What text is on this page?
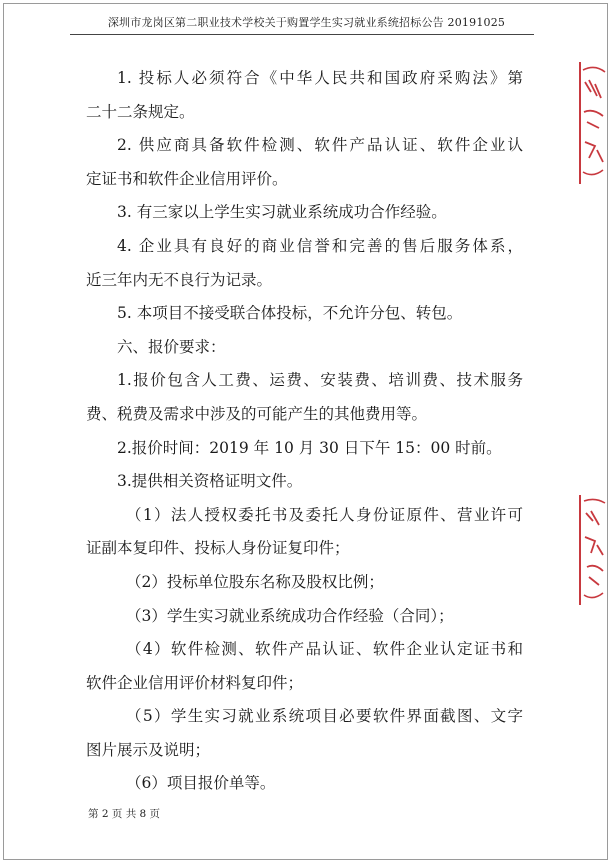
深圳市龙岗区第二职业技术学校关于购置学生实习就业系统招标公告 20191025
1. 投标人必须符合《中华人民共和国政府采购法》第
二十二条规定。
2. 供应商具备软件检测、软件产品认证、软件企业认
定证书和软件企业信用评价。
3. 有三家以上学生实习就业系统成功合作经验。
4. 企业具有良好的商业信誉和完善的售后服务体系，
近三年内无不良行为记录。
5. 本项目不接受联合体投标，不允许分包、转包。
六、报价要求：
1.报价包含人工费、运费、安装费、培训费、技术服务
费、税费及需求中涉及的可能产生的其他费用等。
2.报价时间：2019 年 10 月 30 日下午 15：00 时前。
3.提供相关资格证明文件。
（1）法人授权委托书及委托人身份证原件、营业许可
证副本复印件、投标人身份证复印件；
（2）投标单位股东名称及股权比例；
（3）学生实习就业系统成功合作经验（合同）；
（4）软件检测、软件产品认证、软件企业认定证书和
软件企业信用评价材料复印件；
（5）学生实习就业系统项目必要软件界面截图、文字
图片展示及说明；
（6）项目报价单等。
第 2 页 共 8 页
